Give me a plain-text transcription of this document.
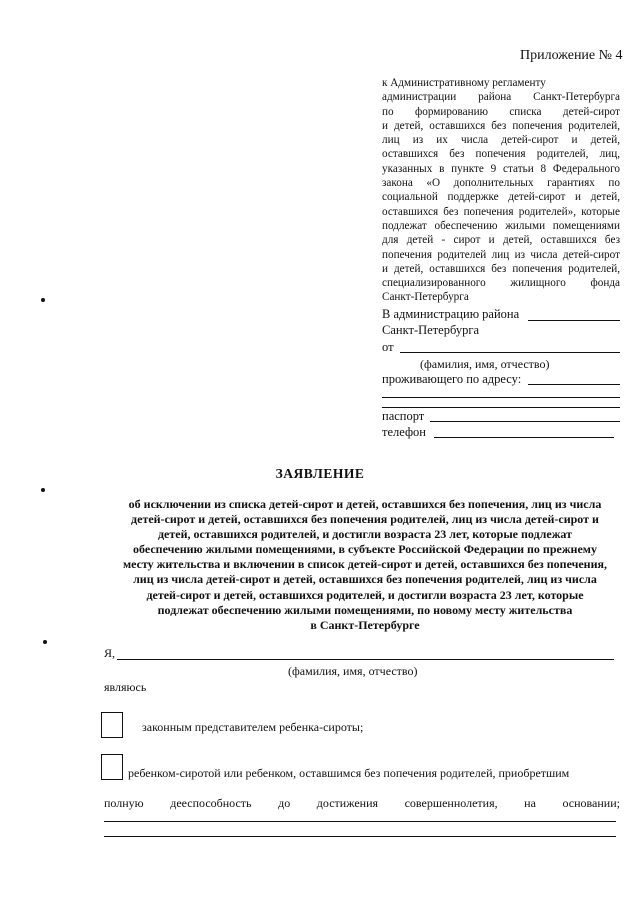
Приложение № 4
к Административному регламенту
администрации района Санкт-Петербурга
по формированию списка детей-сирот
и детей, оставшихся без попечения родителей,
лиц из их числа детей-сирот и детей,
оставшихся без попечения родителей, лиц,
указанных в пункте 9 статьи 8 Федерального
закона «О дополнительных гарантиях по
социальной поддержке детей-сирот и детей,
оставшихся без попечения родителей», которые
подлежат обеспечению жилыми помещениями
для детей - сирот и детей, оставшихся без
попечения родителей лиц из числа детей-сирот
и детей, оставшихся без попечения родителей,
специализированного жилищного фонда
Санкт-Петербурга
В администрацию района
Санкт-Петербурга
от
(фамилия, имя, отчество)
проживающего по адресу:
паспорт
телефон
ЗАЯВЛЕНИЕ
об исключении из списка детей-сирот и детей, оставшихся без попечения, лиц из числа
детей-сирот и детей, оставшихся без попечения родителей, лиц из числа детей-сирот и
детей, оставшихся родителей, и достигли возраста 23 лет, которые подлежат
обеспечению жилыми помещениями, в субъекте Российской Федерации по прежнему
месту жительства и включении в список детей-сирот и детей, оставшихся без попечения,
лиц из числа детей-сирот и детей, оставшихся без попечения родителей, лиц из числа
детей-сирот и детей, оставшихся родителей, и достигли возраста 23 лет, которые
подлежат обеспечению жилыми помещениями, по новому месту жительства
в Санкт-Петербурге
Я,
(фамилия, имя, отчество)
являюсь
законным представителем ребенка-сироты;
ребенком-сиротой или ребенком, оставшимся без попечения родителей, приобретшим
полную дееспособность до достижения совершеннолетия, на основании;
